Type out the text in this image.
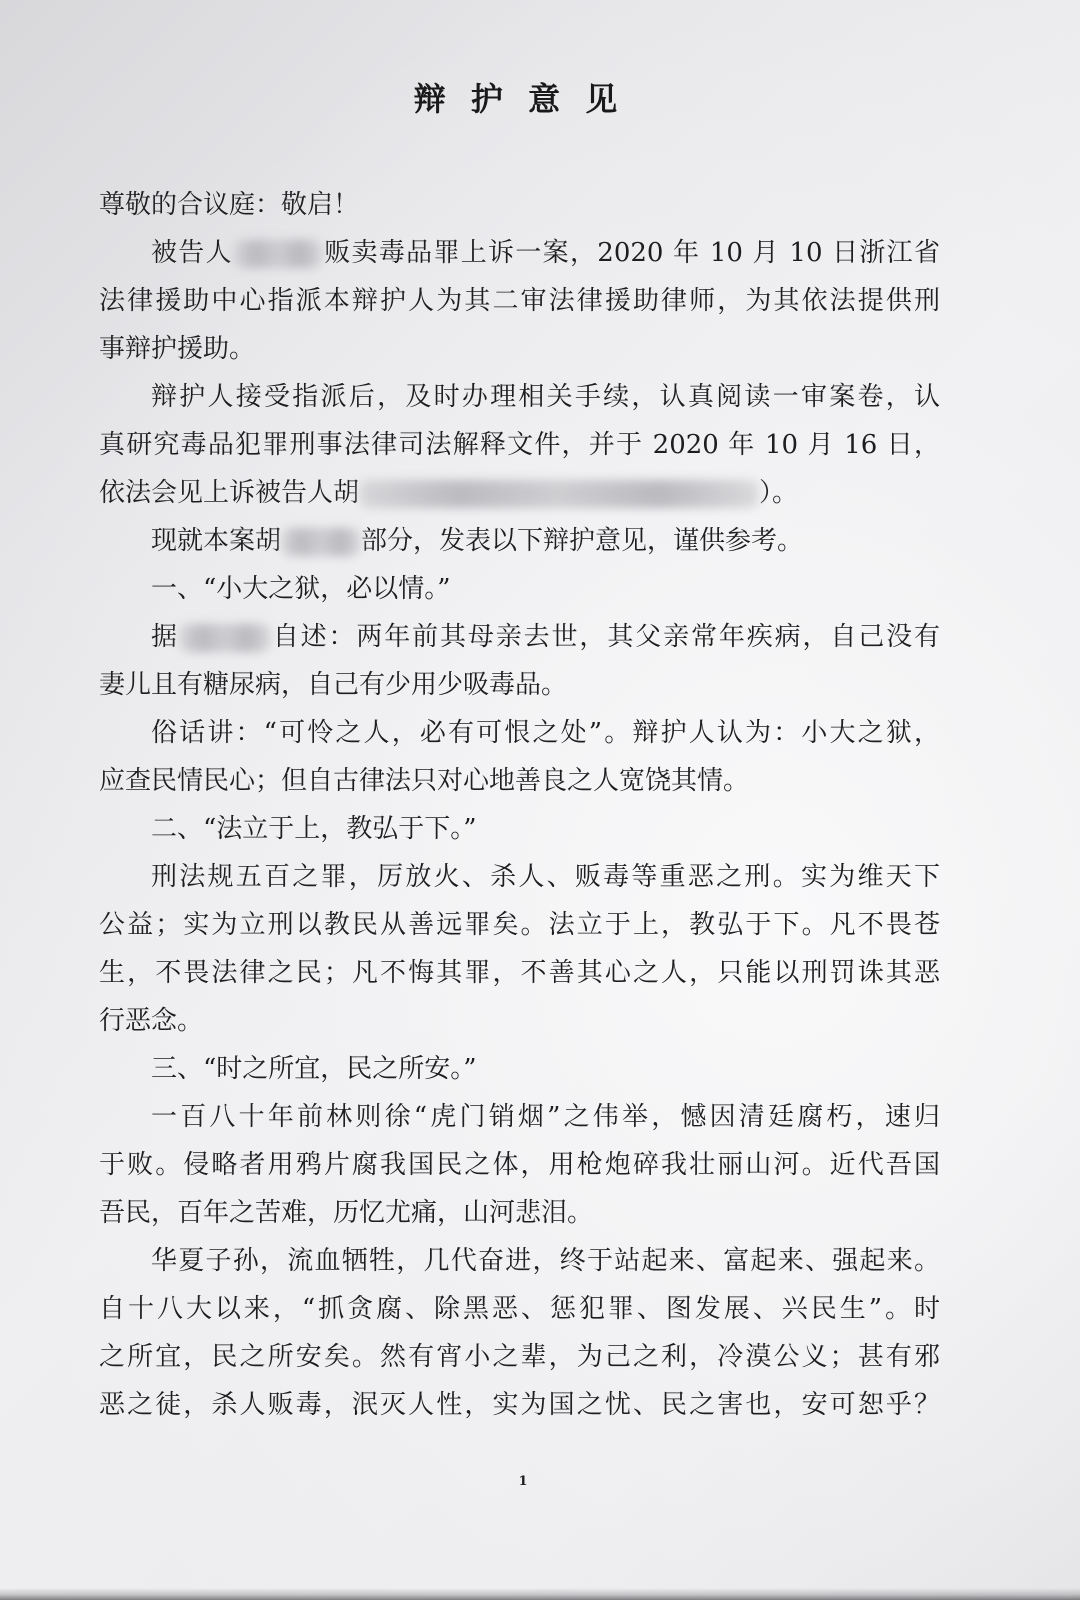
辩 护 意 见
尊敬的合议庭：敬启！
被告人	贩卖毒品罪上诉一案，2020 年 10 月 10 日浙江省
法律援助中心指派本辩护人为其二审法律援助律师，为其依法提供刑
事辩护援助。
辩护人接受指派后，及时办理相关手续，认真阅读一审案卷，认
真研究毒品犯罪刑事法律司法解释文件，并于 2020 年 10 月 16 日，
依法会见上诉被告人胡	）。
现就本案胡	部分，发表以下辩护意见，谨供参考。
一、“小大之狱，必以情。”
据	自述：两年前其母亲去世，其父亲常年疾病，自己没有
妻儿且有糖尿病，自己有少用少吸毒品。
俗话讲：“可怜之人，必有可恨之处”。辩护人认为：小大之狱，
应查民情民心；但自古律法只对心地善良之人宽饶其情。
二、“法立于上，教弘于下。”
刑法规五百之罪，厉放火、杀人、贩毒等重恶之刑。实为维天下
公益；实为立刑以教民从善远罪矣。法立于上，教弘于下。凡不畏苍
生，不畏法律之民；凡不悔其罪，不善其心之人，只能以刑罚诛其恶
行恶念。
三、“时之所宜，民之所安。”
一百八十年前林则徐“虎门销烟”之伟举，憾因清廷腐朽，速归
于败。侵略者用鸦片腐我国民之体，用枪炮碎我壮丽山河。近代吾国
吾民，百年之苦难，历忆尤痛，山河悲泪。
华夏子孙，流血牺牲，几代奋进，终于站起来、富起来、强起来。
自十八大以来，“抓贪腐、除黑恶、惩犯罪、图发展、兴民生”。时
之所宜，民之所安矣。然有宵小之辈，为己之利，冷漠公义；甚有邪
恶之徒，杀人贩毒，泯灭人性，实为国之忧、民之害也，安可恕乎？
1
